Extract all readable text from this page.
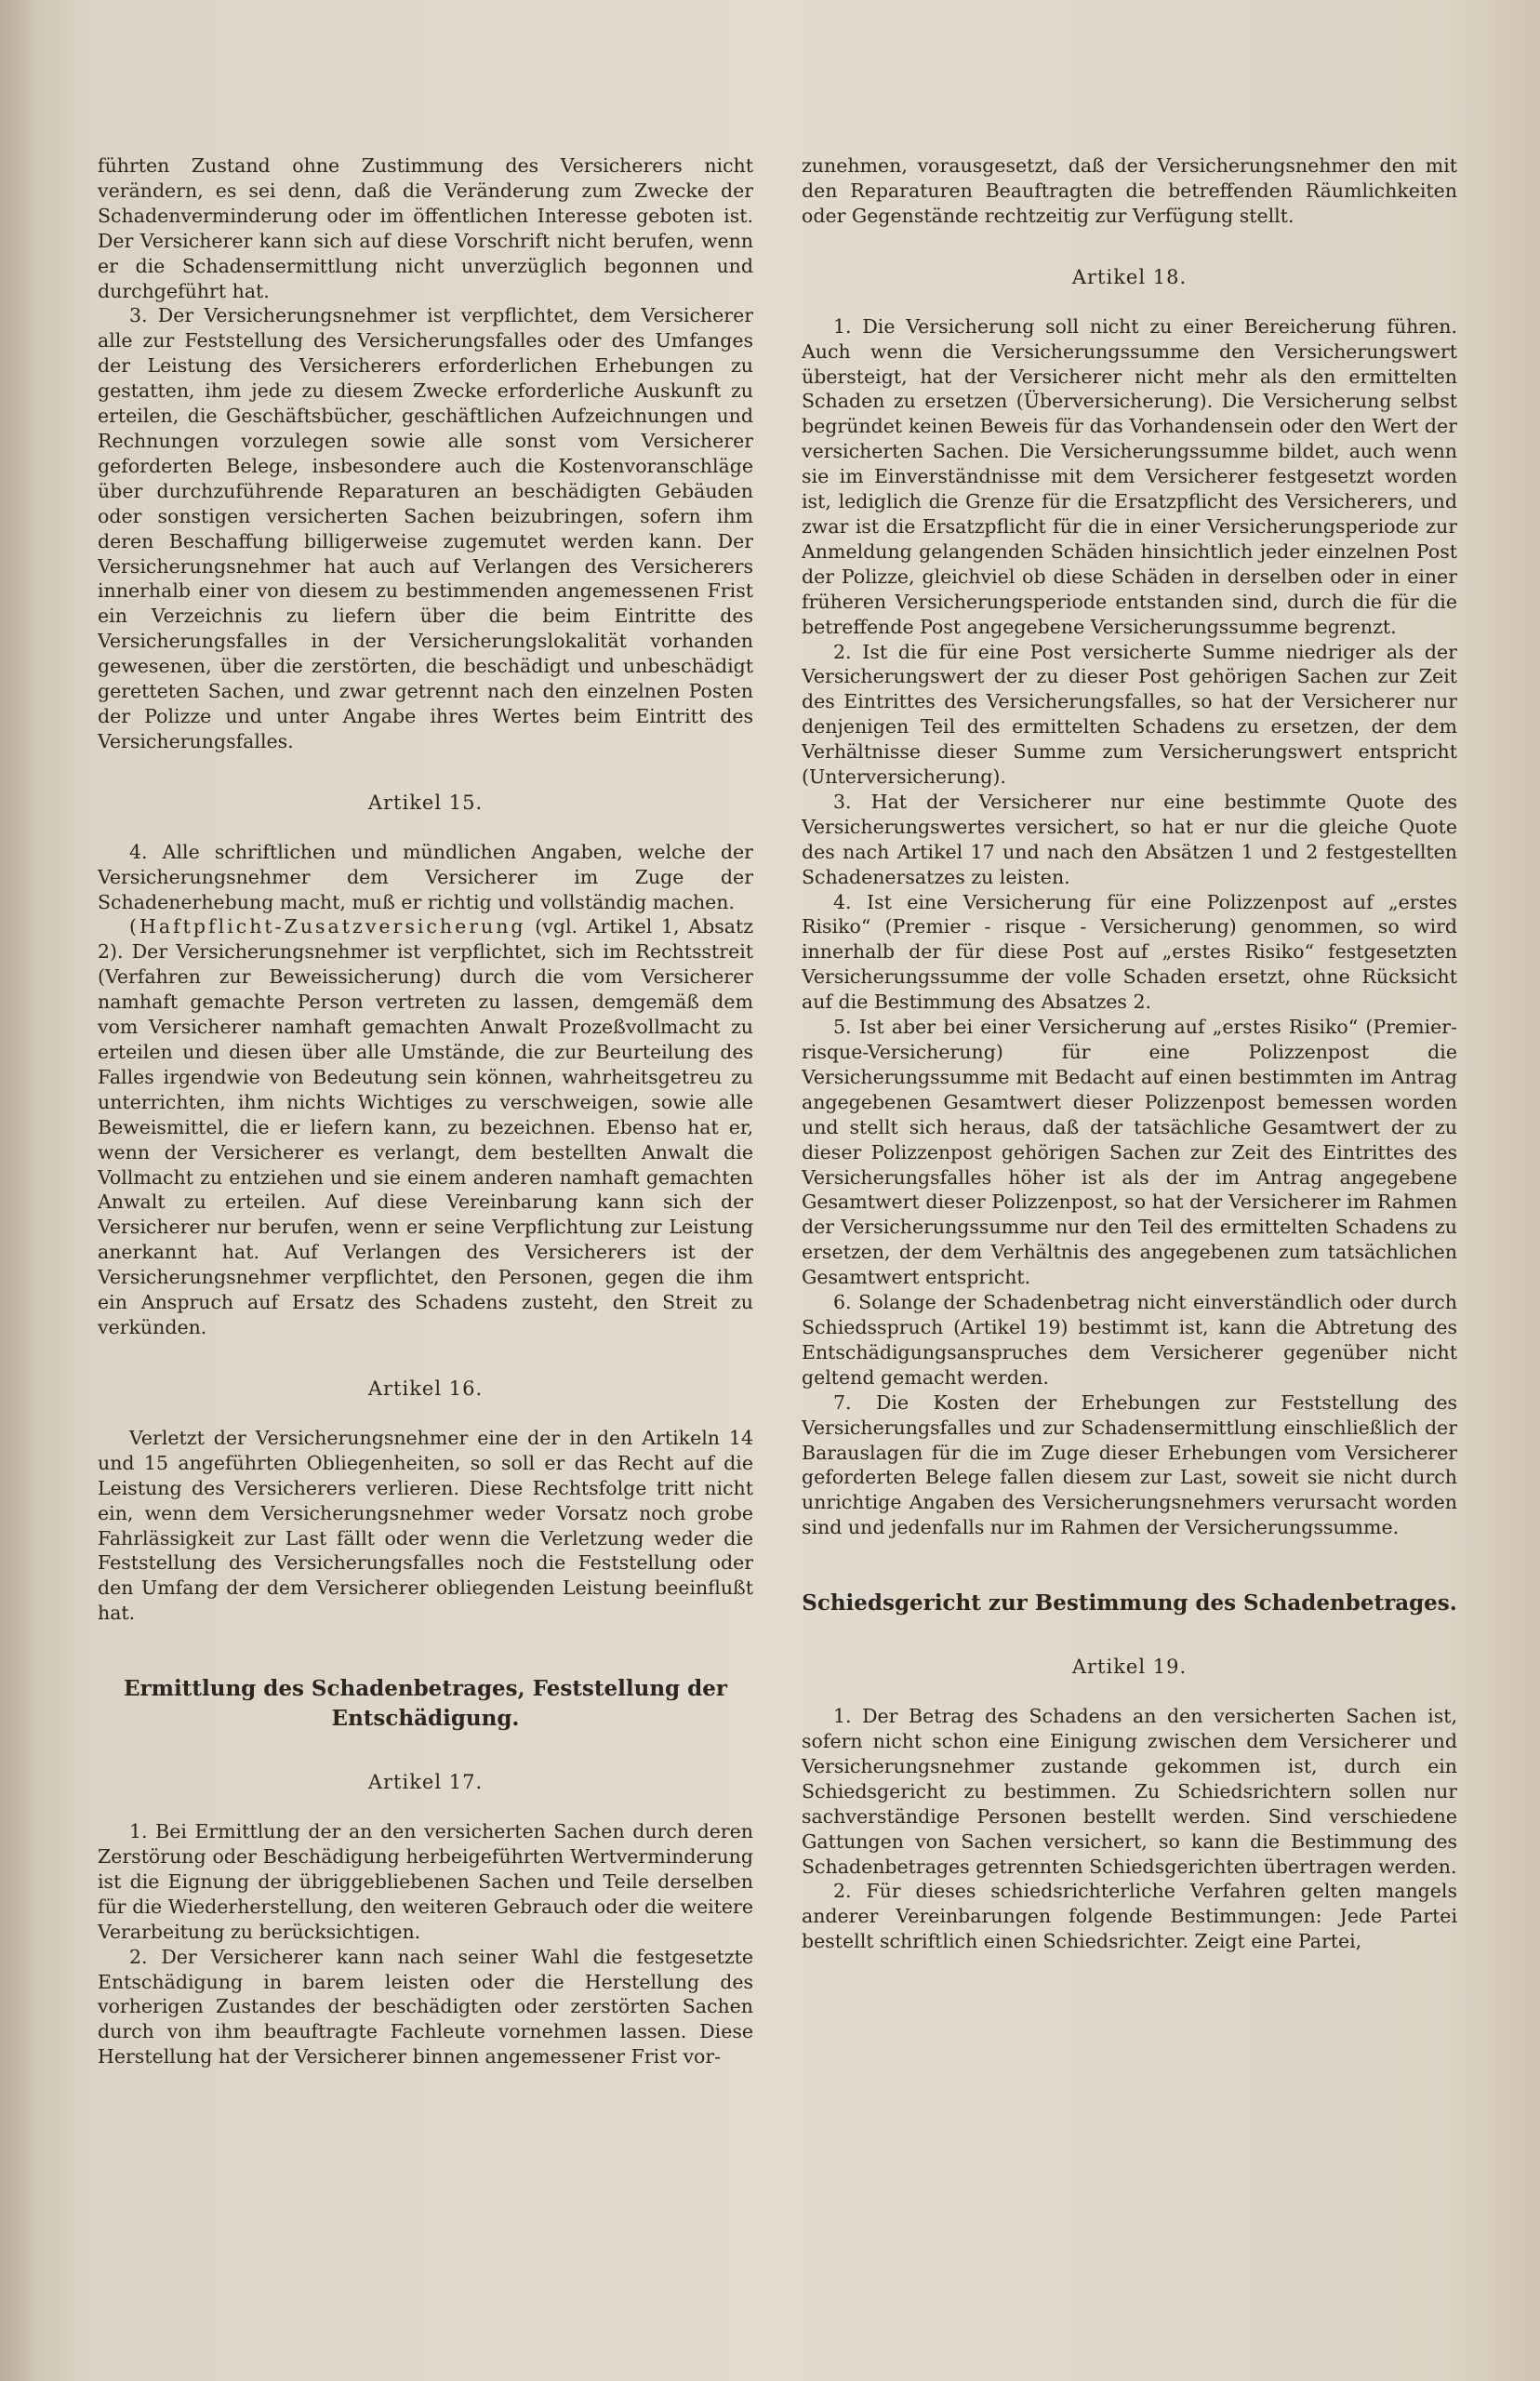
führten Zustand ohne Zustimmung des Versicherers nicht verändern, es sei denn, daß die Veränderung zum Zwecke der Schadenverminderung oder im öffentlichen Interesse geboten ist. Der Versicherer kann sich auf diese Vorschrift nicht berufen, wenn er die Schadensermittlung nicht unverzüglich begonnen und durchgeführt hat.

3. Der Versicherungsnehmer ist verpflichtet, dem Versicherer alle zur Feststellung des Versicherungsfalles oder des Umfanges der Leistung des Versicherers erforderlichen Erhebungen zu gestatten, ihm jede zu diesem Zwecke erforderliche Auskunft zu erteilen, die Geschäftsbücher, geschäftlichen Aufzeichnungen und Rechnungen vorzulegen sowie alle sonst vom Versicherer geforderten Belege, insbesondere auch die Kostenvoranschläge über durchzuführende Reparaturen an beschädigten Gebäuden oder sonstigen versicherten Sachen beizubringen, sofern ihm deren Beschaffung billigerweise zugemutet werden kann. Der Versicherungsnehmer hat auch auf Verlangen des Versicherers innerhalb einer von diesem zu bestimmenden angemessenen Frist ein Verzeichnis zu liefern über die beim Eintritte des Versicherungsfalles in der Versicherungslokalität vorhanden gewesenen, über die zerstörten, die beschädigt und unbeschädigt geretteten Sachen, und zwar getrennt nach den einzelnen Posten der Polizze und unter Angabe ihres Wertes beim Eintritt des Versicherungsfalles.

Artikel 15.

4. Alle schriftlichen und mündlichen Angaben, welche der Versicherungsnehmer dem Versicherer im Zuge der Schadenerhebung macht, muß er richtig und vollständig machen.

(Haftpflicht-Zusatzversicherung (vgl. Artikel 1, Absatz 2). Der Versicherungsnehmer ist verpflichtet, sich im Rechtsstreit (Verfahren zur Beweissicherung) durch die vom Versicherer namhaft gemachte Person vertreten zu lassen, demgemäß dem vom Versicherer namhaft gemachten Anwalt Prozeßvollmacht zu erteilen und diesen über alle Umstände, die zur Beurteilung des Falles irgendwie von Bedeutung sein können, wahrheitsgetreu zu unterrichten, ihm nichts Wichtiges zu verschweigen, sowie alle Beweismittel, die er liefern kann, zu bezeichnen. Ebenso hat er, wenn der Versicherer es verlangt, dem bestellten Anwalt die Vollmacht zu entziehen und sie einem anderen namhaft gemachten Anwalt zu erteilen. Auf diese Vereinbarung kann sich der Versicherer nur berufen, wenn er seine Verpflichtung zur Leistung anerkannt hat. Auf Verlangen des Versicherers ist der Versicherungsnehmer verpflichtet, den Personen, gegen die ihm ein Anspruch auf Ersatz des Schadens zusteht, den Streit zu verkünden.

Artikel 16.

Verletzt der Versicherungsnehmer eine der in den Artikeln 14 und 15 angeführten Obliegenheiten, so soll er das Recht auf die Leistung des Versicherers verlieren. Diese Rechtsfolge tritt nicht ein, wenn dem Versicherungsnehmer weder Vorsatz noch grobe Fahrlässigkeit zur Last fällt oder wenn die Verletzung weder die Feststellung des Versicherungsfalles noch die Feststellung oder den Umfang der dem Versicherer obliegenden Leistung beeinflußt hat.

Ermittlung des Schadenbetrages, Feststellung der Entschädigung.
Artikel 17.

1. Bei Ermittlung der an den versicherten Sachen durch deren Zerstörung oder Beschädigung herbeigeführten Wertverminderung ist die Eignung der übriggebliebenen Sachen und Teile derselben für die Wiederherstellung, den weiteren Gebrauch oder die weitere Verarbeitung zu berücksichtigen.

2. Der Versicherer kann nach seiner Wahl die festgesetzte Entschädigung in barem leisten oder die Herstellung des vorherigen Zustandes der beschädigten oder zerstörten Sachen durch von ihm beauftragte Fachleute vornehmen lassen. Diese Herstellung hat der Versicherer binnen angemessener Frist vor-

zunehmen, vorausgesetzt, daß der Versicherungsnehmer den mit den Reparaturen Beauftragten die betreffenden Räumlichkeiten oder Gegenstände rechtzeitig zur Verfügung stellt.

Artikel 18.

1. Die Versicherung soll nicht zu einer Bereicherung führen. Auch wenn die Versicherungssumme den Versicherungswert übersteigt, hat der Versicherer nicht mehr als den ermittelten Schaden zu ersetzen (Überversicherung). Die Versicherung selbst begründet keinen Beweis für das Vorhandensein oder den Wert der versicherten Sachen. Die Versicherungssumme bildet, auch wenn sie im Einverständnisse mit dem Versicherer festgesetzt worden ist, lediglich die Grenze für die Ersatzpflicht des Versicherers, und zwar ist die Ersatzpflicht für die in einer Versicherungsperiode zur Anmeldung gelangenden Schäden hinsichtlich jeder einzelnen Post der Polizze, gleichviel ob diese Schäden in derselben oder in einer früheren Versicherungsperiode entstanden sind, durch die für die betreffende Post angegebene Versicherungssumme begrenzt.

2. Ist die für eine Post versicherte Summe niedriger als der Versicherungswert der zu dieser Post gehörigen Sachen zur Zeit des Eintrittes des Versicherungsfalles, so hat der Versicherer nur denjenigen Teil des ermittelten Schadens zu ersetzen, der dem Verhältnisse dieser Summe zum Versicherungswert entspricht (Unterversicherung).

3. Hat der Versicherer nur eine bestimmte Quote des Versicherungswertes versichert, so hat er nur die gleiche Quote des nach Artikel 17 und nach den Absätzen 1 und 2 festgestellten Schadenersatzes zu leisten.

4. Ist eine Versicherung für eine Polizzenpost auf „erstes Risiko“ (Premier - risque - Versicherung) genommen, so wird innerhalb der für diese Post auf „erstes Risiko“ festgesetzten Versicherungssumme der volle Schaden ersetzt, ohne Rücksicht auf die Bestimmung des Absatzes 2.

5. Ist aber bei einer Versicherung auf „erstes Risiko“ (Premier-risque-Versicherung) für eine Polizzenpost die Versicherungssumme mit Bedacht auf einen bestimmten im Antrag angegebenen Gesamtwert dieser Polizzenpost bemessen worden und stellt sich heraus, daß der tatsächliche Gesamtwert der zu dieser Polizzenpost gehörigen Sachen zur Zeit des Eintrittes des Versicherungsfalles höher ist als der im Antrag angegebene Gesamtwert dieser Polizzenpost, so hat der Versicherer im Rahmen der Versicherungssumme nur den Teil des ermittelten Schadens zu ersetzen, der dem Verhältnis des angegebenen zum tatsächlichen Gesamtwert entspricht.

6. Solange der Schadenbetrag nicht einverständlich oder durch Schiedsspruch (Artikel 19) bestimmt ist, kann die Abtretung des Entschädigungsanspruches dem Versicherer gegenüber nicht geltend gemacht werden.

7. Die Kosten der Erhebungen zur Feststellung des Versicherungsfalles und zur Schadensermittlung einschließlich der Barauslagen für die im Zuge dieser Erhebungen vom Versicherer geforderten Belege fallen diesem zur Last, soweit sie nicht durch unrichtige Angaben des Versicherungsnehmers verursacht worden sind und jedenfalls nur im Rahmen der Versicherungssumme.

Schiedsgericht zur Bestimmung des Schadenbetrages.
Artikel 19.

1. Der Betrag des Schadens an den versicherten Sachen ist, sofern nicht schon eine Einigung zwischen dem Versicherer und Versicherungsnehmer zustande gekommen ist, durch ein Schiedsgericht zu bestimmen. Zu Schiedsrichtern sollen nur sachverständige Personen bestellt werden. Sind verschiedene Gattungen von Sachen versichert, so kann die Bestimmung des Schadenbetrages getrennten Schiedsgerichten übertragen werden.

2. Für dieses schiedsrichterliche Verfahren gelten mangels anderer Vereinbarungen folgende Bestimmungen: Jede Partei bestellt schriftlich einen Schiedsrichter. Zeigt eine Partei,
